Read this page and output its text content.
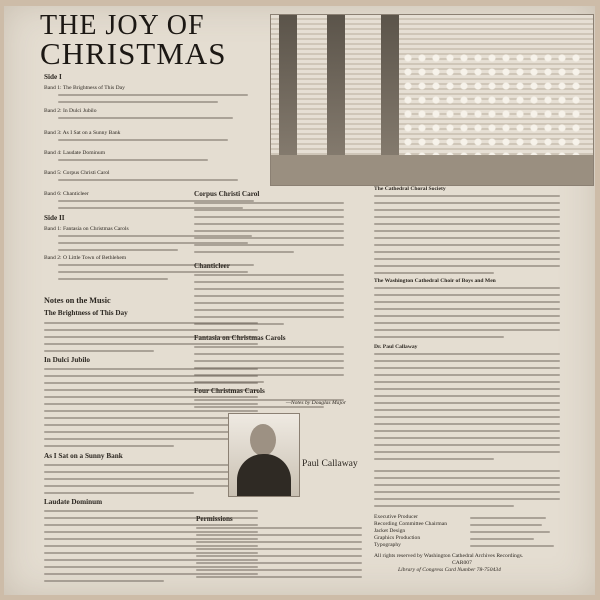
THE JOY OF
CHRISTMAS

Side I

Band 1: The Brightness of This Day

Band 2: In Dulci Jubilo

Band 3: As I Sat on a Sunny Bank

Band 4: Laudate Dominum

Band 5: Corpus Christi Carol

Band 6: Chanticleer

Side II

Band 1: Fantasia on Christmas Carols

Band 2: O Little Town of Bethlehem

Notes on the Music

The Brightness of This Day

In Dulci Jubilo

As I Sat on a Sunny Bank

Laudate Dominum

Corpus Christi Carol

Chanticleer

Fantasia on Christmas Carols

Four Christmas Carols

—Notes by Douglas Major

Paul Callaway

Permissions

The Cathedral Choral Society

The Washington Cathedral Choir of Boys and Men

Dr. Paul Callaway

Executive Producer

Recording Committee Chairman

Jacket Design

Graphics Production

Typography

All rights reserved by Washington Cathedral Archives Recordings.

CAR007

Library of Congress Card Number 78-750434
